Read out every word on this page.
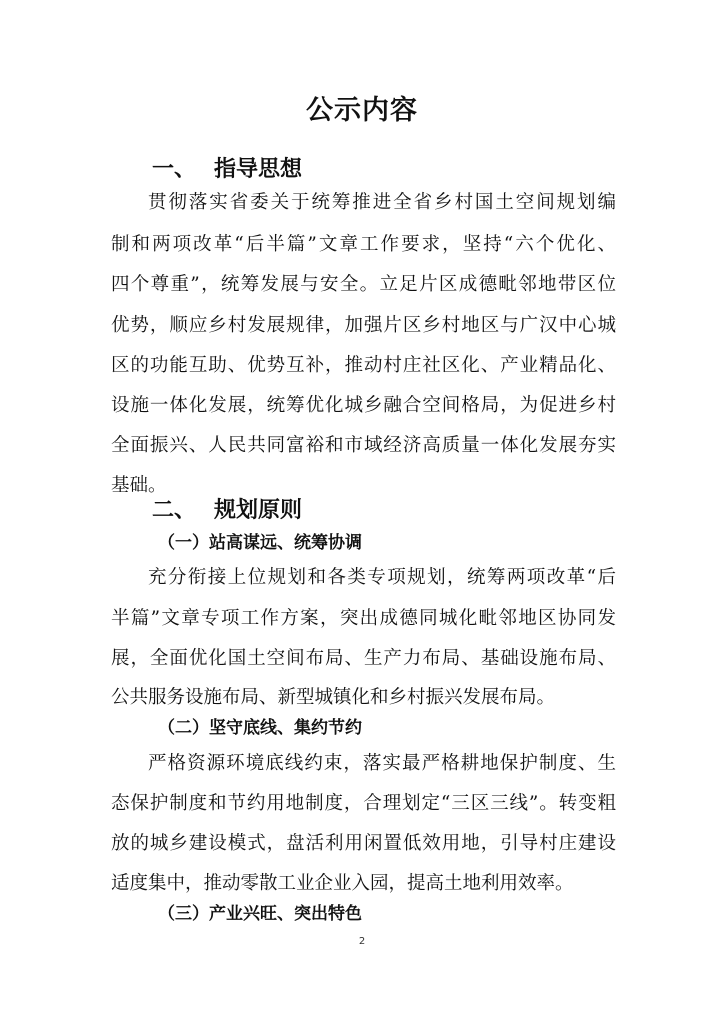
公示内容
一、 指导思想

贯彻落实省委关于统筹推进全省乡村国土空间规划编

制和两项改革“后半篇”文章工作要求，坚持“六个优化、

四个尊重”，统筹发展与安全。立足片区成德毗邻地带区位

优势，顺应乡村发展规律，加强片区乡村地区与广汉中心城

区的功能互助、优势互补，推动村庄社区化、产业精品化、

设施一体化发展，统筹优化城乡融合空间格局，为促进乡村

全面振兴、人民共同富裕和市域经济高质量一体化发展夯实

基础。

二、 规划原则
（一）站高谋远、统筹协调

充分衔接上位规划和各类专项规划，统筹两项改革“后

半篇”文章专项工作方案，突出成德同城化毗邻地区协同发

展，全面优化国土空间布局、生产力布局、基础设施布局、

公共服务设施布局、新型城镇化和乡村振兴发展布局。

（二）坚守底线、集约节约

严格资源环境底线约束，落实最严格耕地保护制度、生

态保护制度和节约用地制度，合理划定“三区三线”。转变粗

放的城乡建设模式，盘活利用闲置低效用地，引导村庄建设

适度集中，推动零散工业企业入园，提高土地利用效率。

（三）产业兴旺、突出特色
2
